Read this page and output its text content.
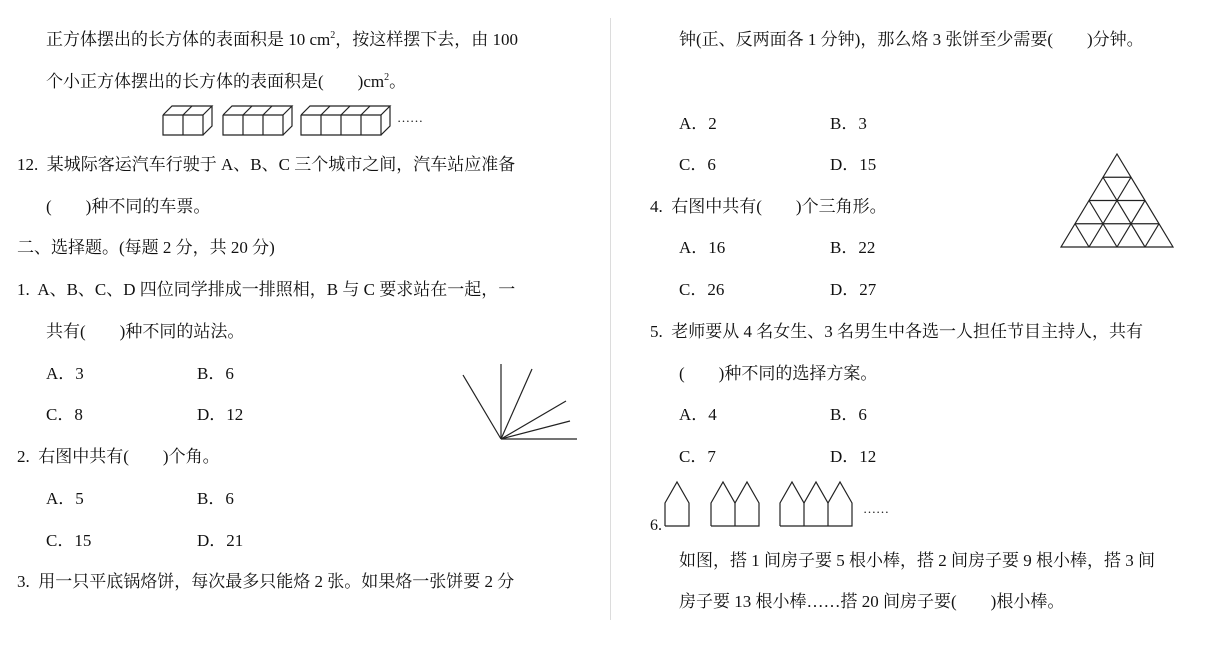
正方体摆出的长方体的表面积是 10 $cm^2$，按这样摆下去，由 100
个小正方体摆出的长方体的表面积是( )$cm^2$。
……
12. 某城际客运汽车行驶于 A、B、C 三个城市之间，汽车站应准备
( )种不同的车票。
二、选择题。(每题 2 分，共 20 分)
1. A、B、C、D 四位同学排成一排照相，B 与 C 要求站在一起，一
共有( )种不同的站法。
A．3	B．6
C．8	D．12
2. 右图中共有( )个角。
A．5	B．6
C．15	D．21
3. 用一只平底锅烙饼，每次最多只能烙 2 张。如果烙一张饼要 2 分
钟(正、反两面各 1 分钟)，那么烙 3 张饼至少需要( )分钟。
A．2	B．3
C．6	D．15
4. 右图中共有( )个三角形。
A．16	B．22
C．26	D．27
5. 老师要从 4 名女生、3 名男生中各选一人担任节目主持人，共有
( )种不同的选择方案。
A．4	B．6
C．7	D．12
6.
……
如图，搭 1 间房子要 5 根小棒，搭 2 间房子要 9 根小棒，搭 3 间
房子要 13 根小棒……搭 20 间房子要( )根小棒。
